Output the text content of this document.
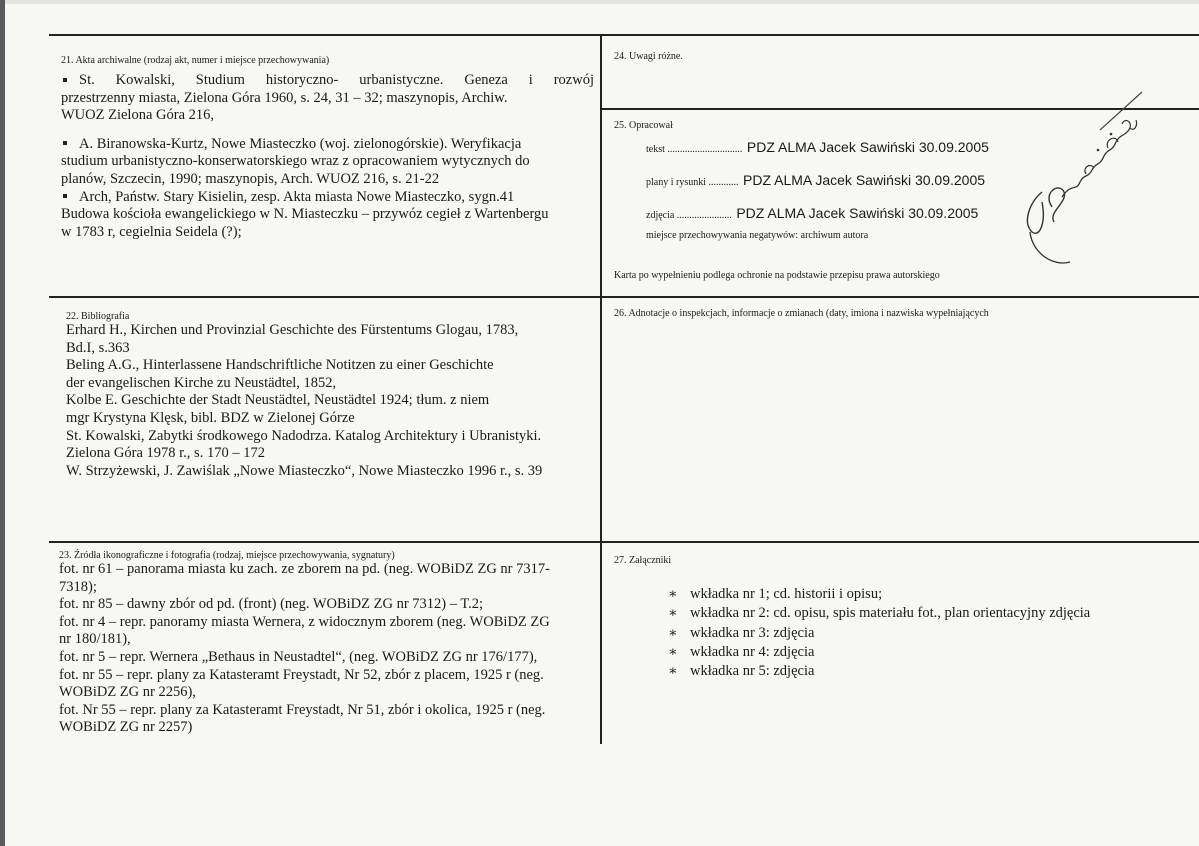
21. Akta archiwalne (rodzaj akt, numer i miejsce przechowywania)
St. Kowalski, Studium historyczno- urbanistyczne. Geneza i rozwój
przestrzenny miasta, Zielona Góra 1960, s. 24, 31 – 32; maszynopis, Archiw.
WUOZ Zielona Góra 216,
A. Biranowska-Kurtz, Nowe Miasteczko (woj. zielonogórskie). Weryfikacja
studium urbanistyczno-konserwatorskiego wraz z opracowaniem wytycznych do
planów, Szczecin, 1990; maszynopis, Arch. WUOZ 216, s. 21-22
Arch, Państw. Stary Kisielin, zesp. Akta miasta Nowe Miasteczko, sygn.41
Budowa kościoła ewangelickiego w N. Miasteczku – przywóz cegieł z Wartenbergu
w 1783 r, cegielnia Seidela (?);
22. Bibliografia
Erhard H., Kirchen und Provinzial Geschichte des Fürstentums Glogau, 1783,
Bd.I, s.363
Beling A.G., Hinterlassene Handschriftliche Notitzen zu einer Geschichte
der evangelischen Kirche zu Neustädtel, 1852,
Kolbe E. Geschichte der Stadt Neustädtel, Neustädtel 1924; tłum. z niem
mgr Krystyna Klęsk, bibl. BDZ w Zielonej Górze
St. Kowalski, Zabytki środkowego Nadodrza. Katalog Architektury i Ubranistyki.
Zielona Góra 1978 r., s. 170 – 172
W. Strzyżewski, J. Zawiślak „Nowe Miasteczko“, Nowe Miasteczko 1996 r., s. 39
23. Źródła ikonograficzne i fotografia (rodzaj, miejsce przechowywania, sygnatury)
fot. nr 61 – panorama miasta ku zach. ze zborem na pd. (neg. WOBiDZ ZG nr 7317-
7318);
fot. nr 85 – dawny zbór od pd. (front) (neg. WOBiDZ ZG nr 7312) – T.2;
fot. nr 4 – repr. panoramy miasta Wernera, z widocznym zborem (neg. WOBiDZ ZG
nr 180/181),
fot. nr 5 – repr. Wernera „Bethaus in Neustadtel“, (neg. WOBiDZ ZG nr 176/177),
fot. nr 55 – repr. plany za Katasteramt Freystadt, Nr 52, zbór z placem, 1925 r (neg.
WOBiDZ ZG nr 2256),
fot. Nr 55 – repr. plany za Katasteramt Freystadt, Nr 51, zbór i okolica, 1925 r (neg.
WOBiDZ ZG nr 2257)
24. Uwagi różne.
25. Opracował
tekst .............................. PDZ ALMA Jacek Sawiński 30.09.2005
plany i rysunki ............ PDZ ALMA Jacek Sawiński 30.09.2005
zdjęcia ...................... PDZ ALMA Jacek Sawiński 30.09.2005
miejsce przechowywania negatywów: archiwum autora
Karta po wypełnieniu podlega ochronie na podstawie przepisu prawa autorskiego
26. Adnotacje o inspekcjach, informacje o zmianach (daty, imiona i nazwiska wypełniających
27. Załączniki
∗ wkładka nr 1; cd. historii i opisu;
∗ wkładka nr 2: cd. opisu, spis materiału fot., plan orientacyjny zdjęcia
∗ wkładka nr 3: zdjęcia
∗ wkładka nr 4: zdjęcia
∗ wkładka nr 5: zdjęcia
